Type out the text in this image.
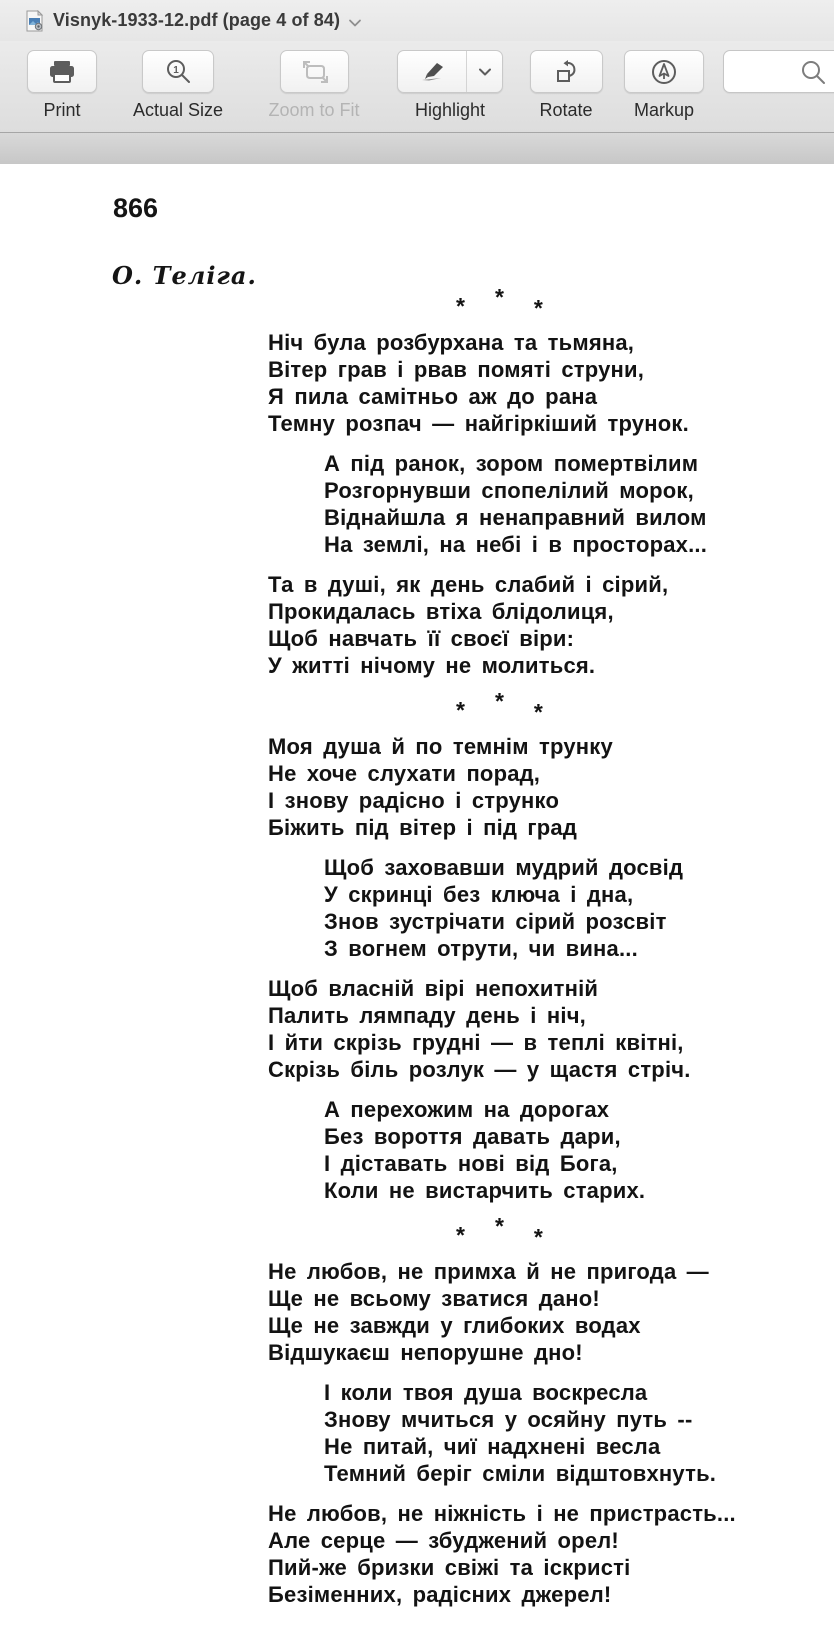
Visnyk-1933-12.pdf (page 4 of 84)
Print
1
Actual Size	Zoom to Fit	Highlight	Rotate Markup
866
О. Теліга.
* * *
Ніч була розбурхана та тьмяна,
Вітер грав і рвав помяті струни,
Я пила самітньо аж до рана
Темну розпач — найгіркіший трунок.
А під ранок, зором помертвілим
Розгорнувши спопелілий морок,
Віднайшла я ненаправний вилом
На землі, на небі і в просторах...
Та в душі, як день слабий і сірий,
Прокидалась втіха блідолиця,
Щоб навчать її своєї віри:
У житті нічому не молиться.
* * *
Моя душа й по темнім трунку
Не хоче слухати порад,
І знову радісно і струнко
Біжить під вітер і під град
Щоб заховавши мудрий досвід
У скринці без ключа і дна,
Знов зустрічати сірий розсвіт
З вогнем отрути, чи вина...
Щоб власній вірі непохитній
Палить лямпаду день і ніч,
І йти скрізь грудні — в теплі квітні,
Скрізь біль розлук — у щастя стріч.
А перехожим на дорогах
Без вороття давать дари,
І діставать нові від Бога,
Коли не вистарчить старих.
* * *
Не любов, не примха й не пригода —
Ще не всьому зватися дано!
Ще не завжди у глибоких водах
Відшукаєш непорушне дно!
І коли твоя душа воскресла
Знову мчиться у осяйну путь --
Не питай, чиї надхнені весла
Темний беріг сміли відштовхнуть.
Не любов, не ніжність і не пристрасть...
Але серце — збуджений орел!
Пий-же бризки свіжі та іскристі
Безіменних, радісних джерел!
